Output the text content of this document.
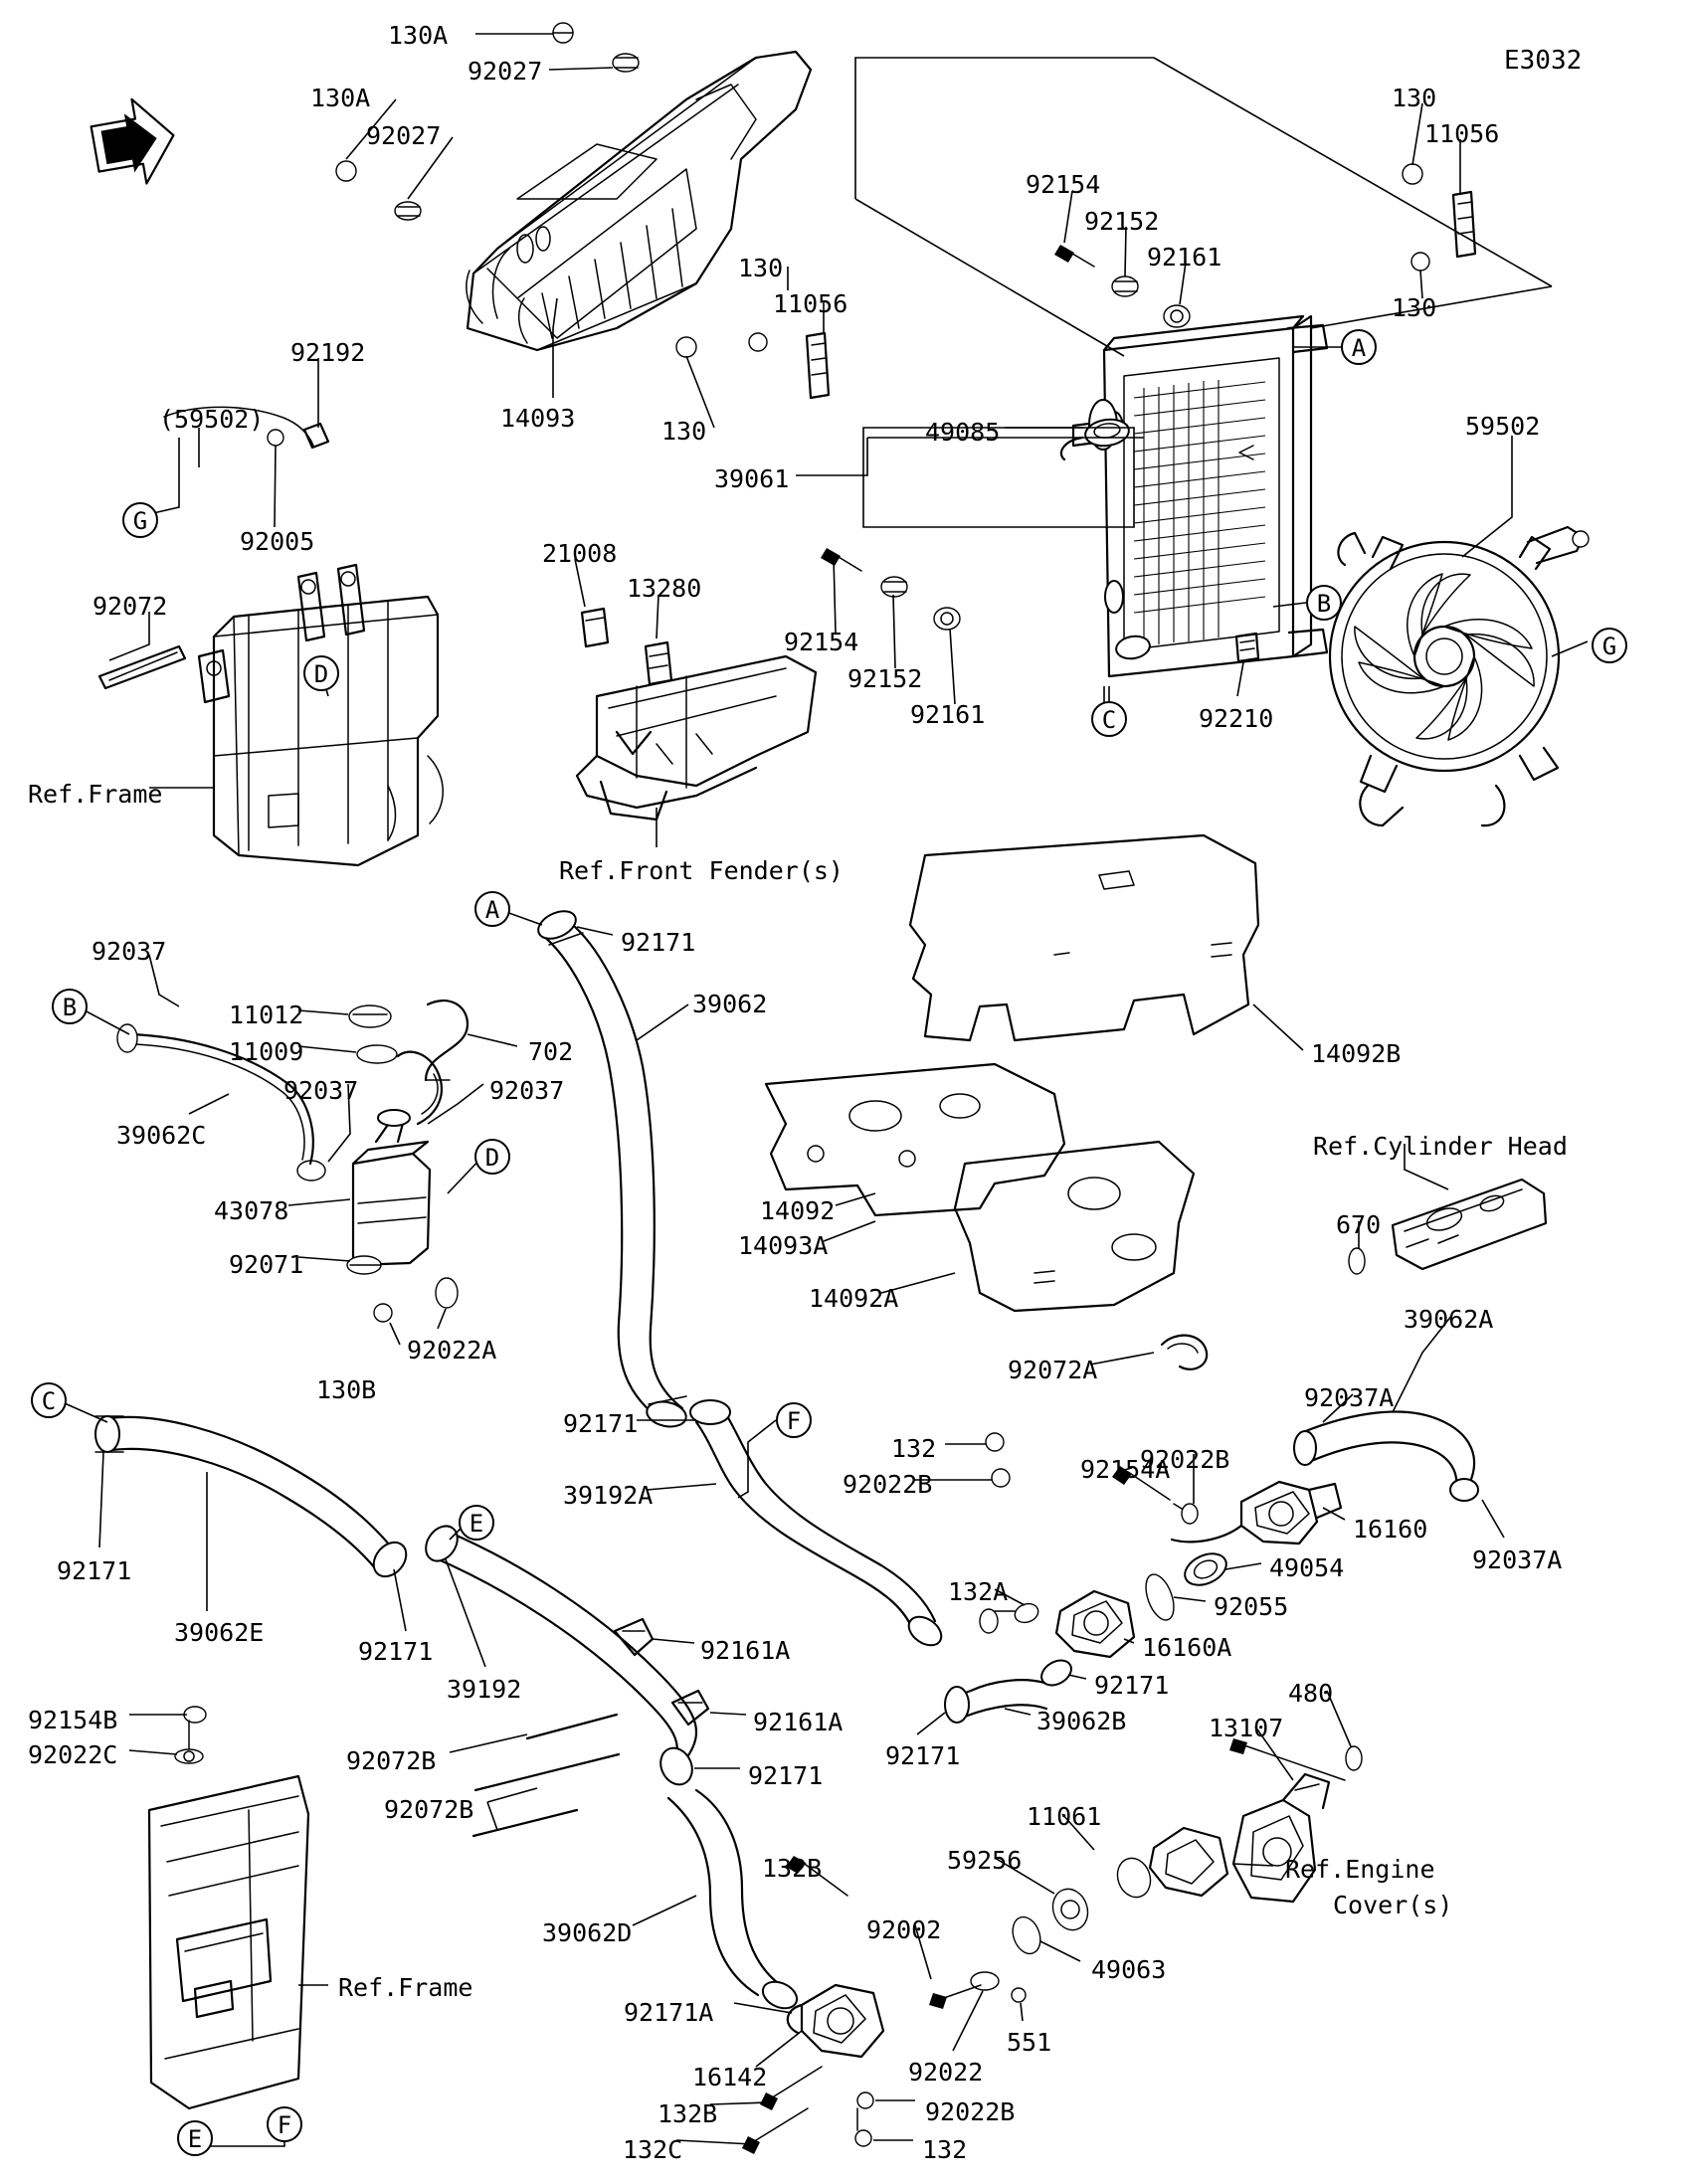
E3032
130A
92027
130A
92027
130
11056
92154
92152
92161
130
130
11056
14093	130	49085
39061
59502
92192
(59502)
92005
92072
21008
13280
92154
92152
92161	92210
Ref.Frame
Ref.Front Fender(s)
92171
39062
14092B
92037
11012
11009	702
92037	92037
39062C
43078
92071
92022A
130B
14092
14093A
14092A
Ref.Cylinder Head
670
39062A
92072A
92037A
92171
39192A
132
92022B
92022B
92154A
16160
92037A
49054
92055
132A
16160A
92171
39062B
92171
92171
39062E
92171
39192
92161A
92161A
92072B
92171
92072B
92154B
92022C
39062D
132B
92002
59256
11061
13107
480
Ref.Engine
Cover(s)
49063
551
92022
92171A
16142
132B	92022B
132C	132
Ref.Frame
A
B
C
G
G
D
A
B
D
C
F
E
E	F
